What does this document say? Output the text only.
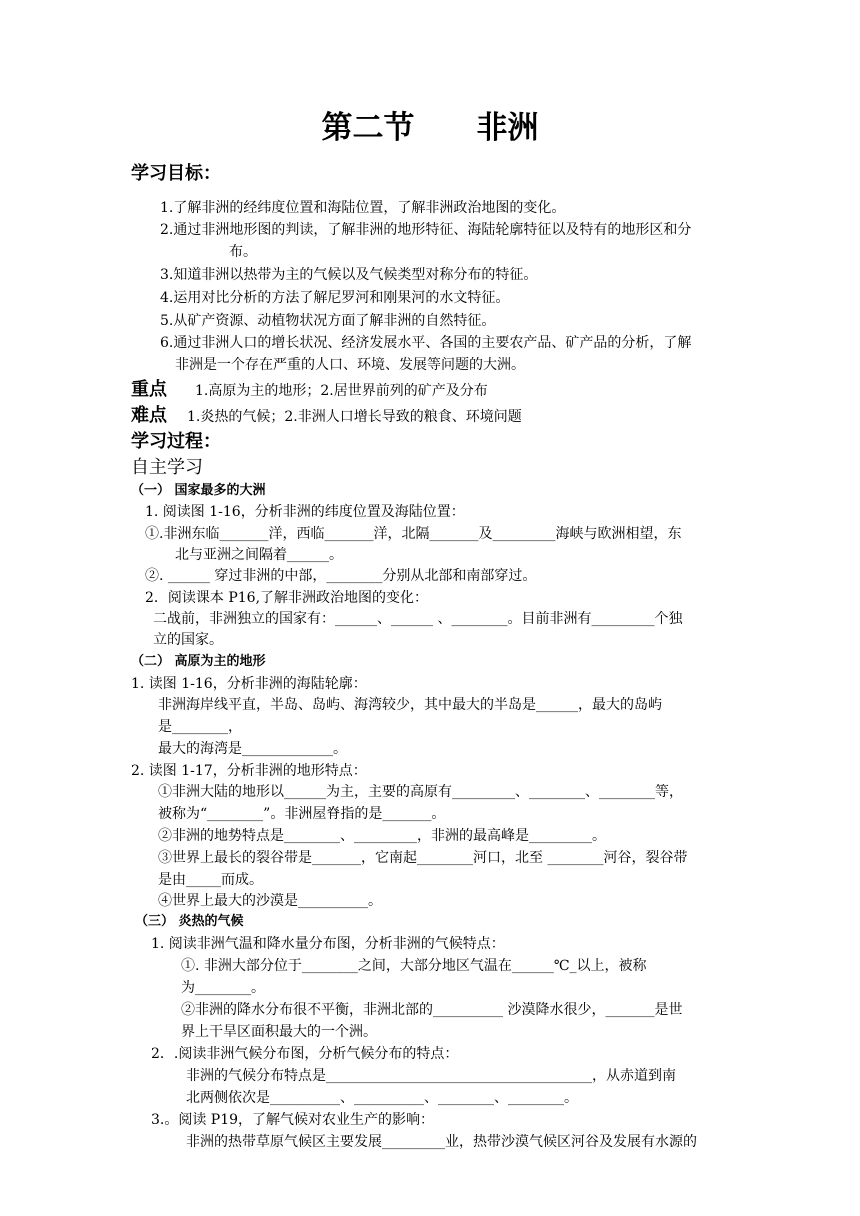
第二节　　非洲
学习目标：
1.了解非洲的经纬度位置和海陆位置，了解非洲政治地图的变化。
2.通过非洲地形图的判读，了解非洲的地形特征、海陆轮廓特征以及特有的地形区和分
布。
3.知道非洲以热带为主的气候以及气候类型对称分布的特征。
4.运用对比分析的方法了解尼罗河和刚果河的水文特征。
5.从矿产资源、动植物状况方面了解非洲的自然特征。
6.通过非洲人口的增长状况、经济发展水平、各国的主要农产品、矿产品的分析，了解
非洲是一个存在严重的人口、环境、发展等问题的大洲。
重点 1.高原为主的地形；2.居世界前列的矿产及分布
难点 1.炎热的气候；2.非洲人口增长导致的粮食、环境问题
学习过程：
自主学习
（一） 国家最多的大洲
1. 阅读图 1-16，分析非洲的纬度位置及海陆位置：
①.非洲东临_______洋，西临_______洋，北隔_______及_________海峡与欧洲相望，东
北与亚洲之间隔着______。
②. ______ 穿过非洲的中部，________分别从北部和南部穿过。
2．阅读课本 P16,了解非洲政治地图的变化：
二战前，非洲独立的国家有：______、______ 、________。目前非洲有_________个独
立的国家。
（二） 高原为主的地形
1. 读图 1-16，分析非洲的海陆轮廓：
非洲海岸线平直，半岛、岛屿、海湾较少，其中最大的半岛是______，最大的岛屿
是________，
最大的海湾是_____________。
2. 读图 1-17，分析非洲的地形特点：
①非洲大陆的地形以______为主，主要的高原有_________、________、________等，
被称为“________”。非洲屋脊指的是_______。
②非洲的地势特点是________、_________，非洲的最高峰是_________。
③世界上最长的裂谷带是_______，它南起________河口，北至 ________河谷，裂谷带
是由_____而成。
④世界上最大的沙漠是__________。
（三） 炎热的气候
1. 阅读非洲气温和降水量分布图，分析非洲的气候特点：
①. 非洲大部分位于________之间，大部分地区气温在______℃_以上，被称
为________。
②非洲的降水分布很不平衡，非洲北部的__________ 沙漠降水很少，_______是世
界上干旱区面积最大的一个洲。
2．.阅读非洲气候分布图，分析气候分布的特点：
非洲的气候分布特点是______________________________________，从赤道到南
北两侧依次是__________、__________、________、________。
3.。阅读 P19，了解气候对农业生产的影响：
非洲的热带草原气候区主要发展_________业，热带沙漠气候区河谷及发展有水源的
